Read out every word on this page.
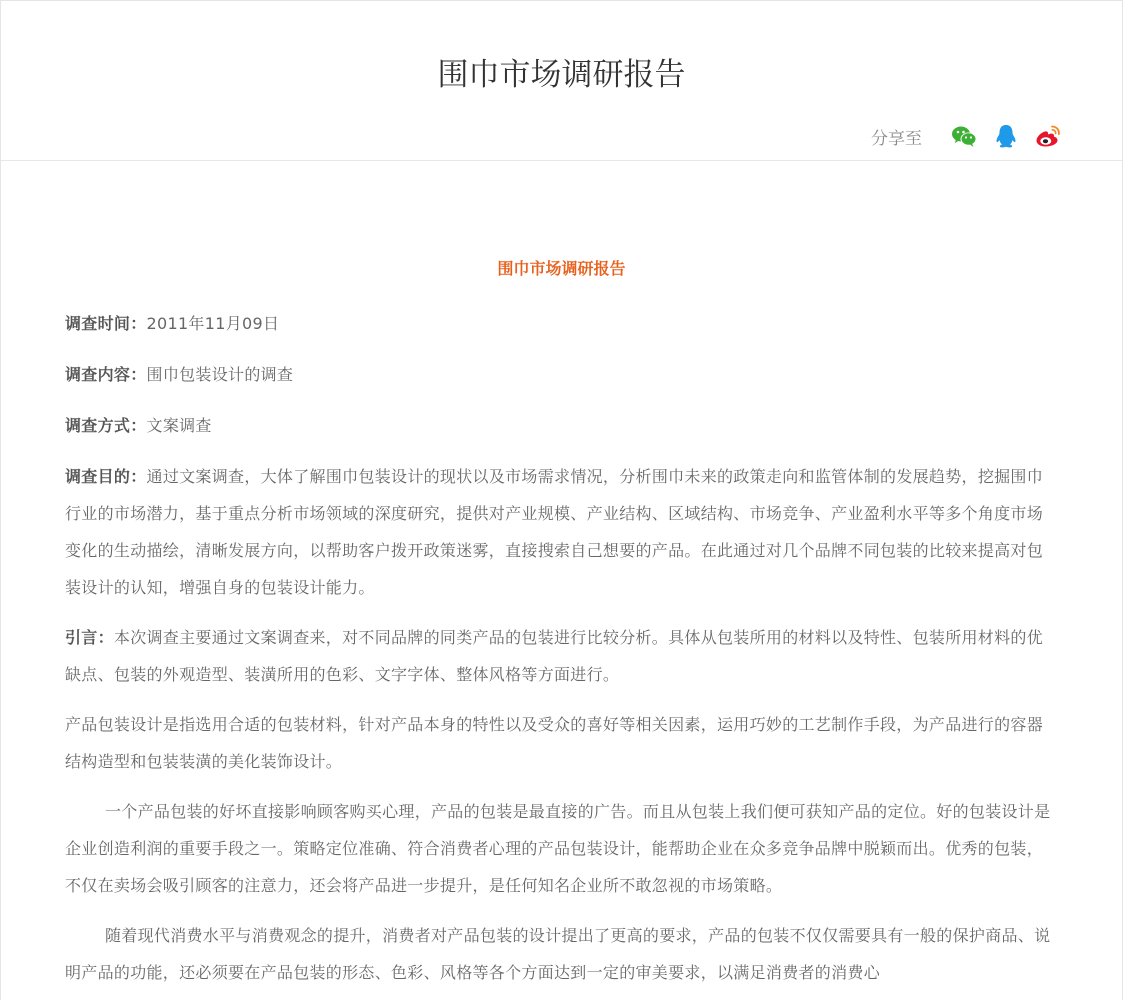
围巾市场调研报告
分享至
围巾市场调研报告

调查时间：2011年11月09日

调查内容：围巾包装设计的调查

调查方式：文案调查

调查目的：通过文案调查，大体了解围巾包装设计的现状以及市场需求情况，分析围巾未来的政策走向和监管体制的发展趋势，挖掘围巾行业的市场潜力，基于重点分析市场领域的深度研究，提供对产业规模、产业结构、区域结构、市场竞争、产业盈利水平等多个角度市场变化的生动描绘，清晰发展方向，以帮助客户拨开政策迷雾，直接搜索自己想要的产品。在此通过对几个品牌不同包装的比较来提高对包装设计的认知，增强自身的包装设计能力。

引言：本次调查主要通过文案调查来，对不同品牌的同类产品的包装进行比较分析。具体从包装所用的材料以及特性、包装所用材料的优缺点、包装的外观造型、装潢所用的色彩、文字字体、整体风格等方面进行。

产品包装设计是指选用合适的包装材料，针对产品本身的特性以及受众的喜好等相关因素，运用巧妙的工艺制作手段，为产品进行的容器结构造型和包装装潢的美化装饰设计。

一个产品包装的好坏直接影响顾客购买心理，产品的包装是最直接的广告。而且从包装上我们便可获知产品的定位。好的包装设计是企业创造利润的重要手段之一。策略定位准确、符合消费者心理的产品包装设计，能帮助企业在众多竞争品牌中脱颖而出。优秀的包装，不仅在卖场会吸引顾客的注意力，还会将产品进一步提升，是任何知名企业所不敢忽视的市场策略。

随着现代消费水平与消费观念的提升，消费者对产品包装的设计提出了更高的要求，产品的包装不仅仅需要具有一般的保护商品、说明产品的功能，还必须要在产品包装的形态、色彩、风格等各个方面达到一定的审美要求，以满足消费者的消费心
